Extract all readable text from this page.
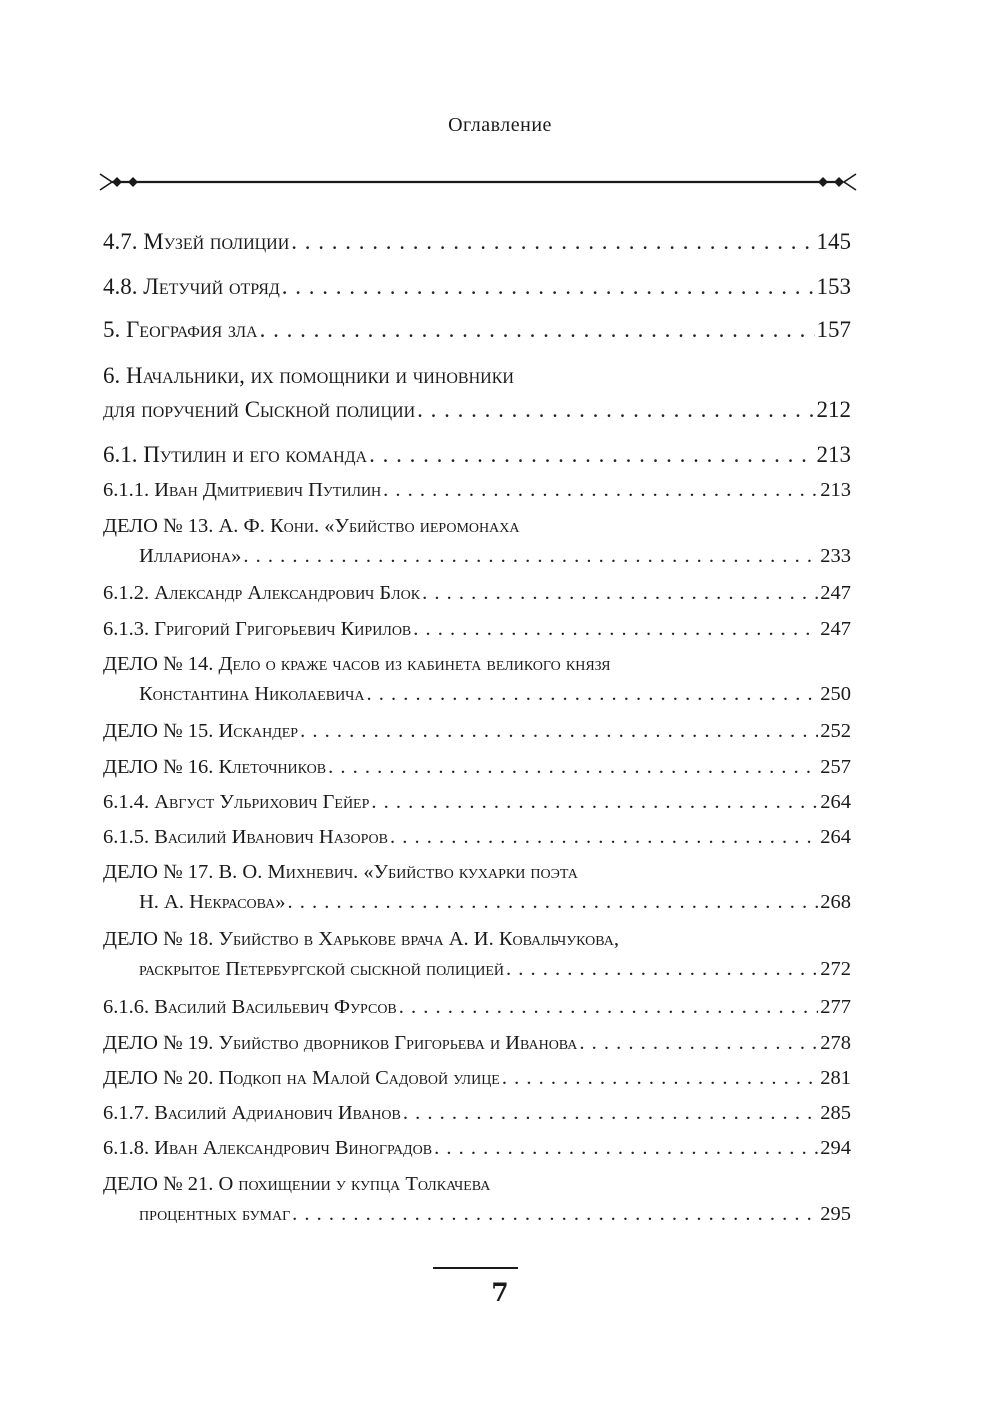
Оглавление
4.7. Музей полиции . . .	145
4.8. Летучий отряд . . .	153
5. География зла . . .	157
6. Начальники, их помощники и чиновники
для поручений Сыскной полиции . . .	212
6.1. Путилин и его команда . . .	213
6.1.1. Иван Дмитриевич Путилин . . .	213
ДЕЛО № 13. А. Ф. Кони. «Убийство иеромонаха
Иллариона» . . .	233
6.1.2. Александр Александрович Блок . . .	247
6.1.3. Григорий Григорьевич Кирилов . . .	247
ДЕЛО № 14. Дело о краже часов из кабинета великого князя
Константина Николаевича . . .	250
ДЕЛО № 15. Искандер . . .	252
ДЕЛО № 16. Клеточников . . .	257
6.1.4. Август Ульрихович Гейер . . .	264
6.1.5. Василий Иванович Назоров . . .	264
ДЕЛО № 17. В. О. Михневич. «Убийство кухарки поэта
Н. А. Некрасова» . . .	268
ДЕЛО № 18. Убийство в Харькове врача А. И. Ковальчукова,
раскрытое Петербургской сыскной полицией . . .	272
6.1.6. Василий Васильевич Фурсов . . .	277
ДЕЛО № 19. Убийство дворников Григорьева и Иванова . . .	278
ДЕЛО № 20. Подкоп на Малой Садовой улице . . .	281
6.1.7. Василий Адрианович Иванов . . .	285
6.1.8. Иван Александрович Виноградов . . .	294
ДЕЛО № 21. О похищении у купца Толкачева
процентных бумаг . . .	295
7
